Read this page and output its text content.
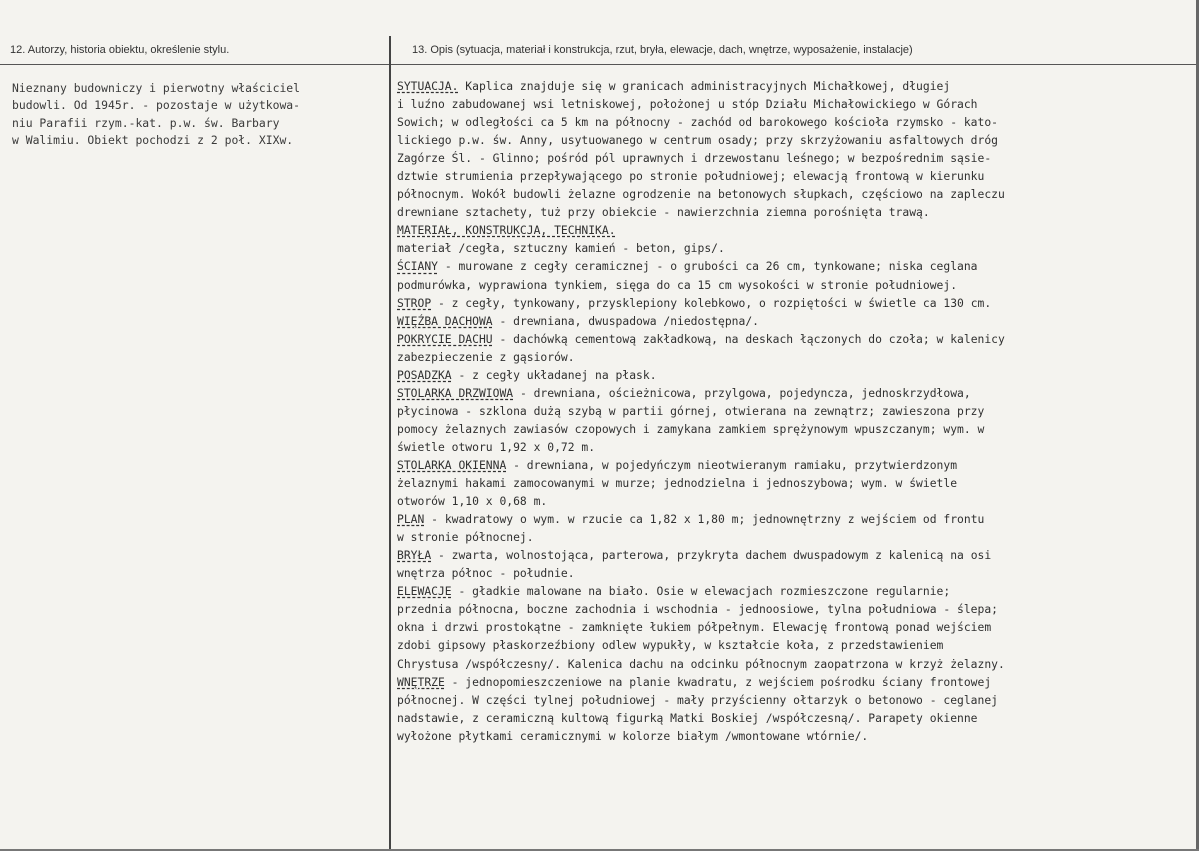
12. Autorzy, historia obiektu, określenie stylu.	13. Opis (sytuacja, materiał i konstrukcja, rzut, bryła, elewacje, dach, wnętrze, wyposażenie, instalacje)
Nieznany budowniczy i pierwotny właściciel
budowli. Od 1945r. - pozostaje w użytkowa-
niu Parafii rzym.-kat. p.w. św. Barbary
w Walimiu. Obiekt pochodzi z 2 poł. XIXw.
SYTUACJA. Kaplica znajduje się w granicach administracyjnych Michałkowej, długiej
i luźno zabudowanej wsi letniskowej, położonej u stóp Działu Michałowickiego w Górach
Sowich; w odległości ca 5 km na północny - zachód od barokowego kościoła rzymsko - kato-
lickiego p.w. św. Anny, usytuowanego w centrum osady; przy skrzyżowaniu asfaltowych dróg
Zagórze Śl. - Glinno; pośród pól uprawnych i drzewostanu leśnego; w bezpośrednim sąsie-
dztwie strumienia przepływającego po stronie południowej; elewacją frontową w kierunku
północnym. Wokół budowli żelazne ogrodzenie na betonowych słupkach, częściowo na zapleczu
drewniane sztachety, tuż przy obiekcie - nawierzchnia ziemna porośnięta trawą.
MATERIAŁ, KONSTRUKCJA, TECHNIKA.
materiał /cegła, sztuczny kamień - beton, gips/.
ŚCIANY - murowane z cegły ceramicznej - o grubości ca 26 cm, tynkowane; niska ceglana
podmurówka, wyprawiona tynkiem, sięga do ca 15 cm wysokości w stronie południowej.
STROP - z cegły, tynkowany, przysklepiony kolebkowo, o rozpiętości w świetle ca 130 cm.
WIĘŹBA DACHOWA - drewniana, dwuspadowa /niedostępna/.
POKRYCIE DACHU - dachówką cementową zakładkową, na deskach łączonych do czoła; w kalenicy
zabezpieczenie z gąsiorów.
POSADZKA - z cegły układanej na płask.
STOLARKA DRZWIOWA - drewniana, ościeżnicowa, przylgowa, pojedyncza, jednoskrzydłowa,
płycinowa - szklona dużą szybą w partii górnej, otwierana na zewnątrz; zawieszona przy
pomocy żelaznych zawiasów czopowych i zamykana zamkiem sprężynowym wpuszczanym; wym. w
świetle otworu 1,92 x 0,72 m.
STOLARKA OKIENNA - drewniana, w pojedyńczym nieotwieranym ramiaku, przytwierdzonym
żelaznymi hakami zamocowanymi w murze; jednodzielna i jednoszybowa; wym. w świetle
otworów 1,10 x 0,68 m.
PLAN - kwadratowy o wym. w rzucie ca 1,82 x 1,80 m; jednownętrzny z wejściem od frontu
w stronie północnej.
BRYŁA - zwarta, wolnostojąca, parterowa, przykryta dachem dwuspadowym z kalenicą na osi
wnętrza północ - południe.
ELEWACJE - gładkie malowane na biało. Osie w elewacjach rozmieszczone regularnie;
przednia północna, boczne zachodnia i wschodnia - jednoosiowe, tylna południowa - ślepa;
okna i drzwi prostokątne - zamknięte łukiem półpełnym. Elewację frontową ponad wejściem
zdobi gipsowy płaskorzeźbiony odlew wypukły, w kształcie koła, z przedstawieniem
Chrystusa /współczesny/. Kalenica dachu na odcinku północnym zaopatrzona w krzyż żelazny.
WNĘTRZE - jednopomieszczeniowe na planie kwadratu, z wejściem pośrodku ściany frontowej
północnej. W części tylnej południowej - mały przyścienny ołtarzyk o betonowo - ceglanej
nadstawie, z ceramiczną kultową figurką Matki Boskiej /współczesną/. Parapety okienne
wyłożone płytkami ceramicznymi w kolorze białym /wmontowane wtórnie/.
